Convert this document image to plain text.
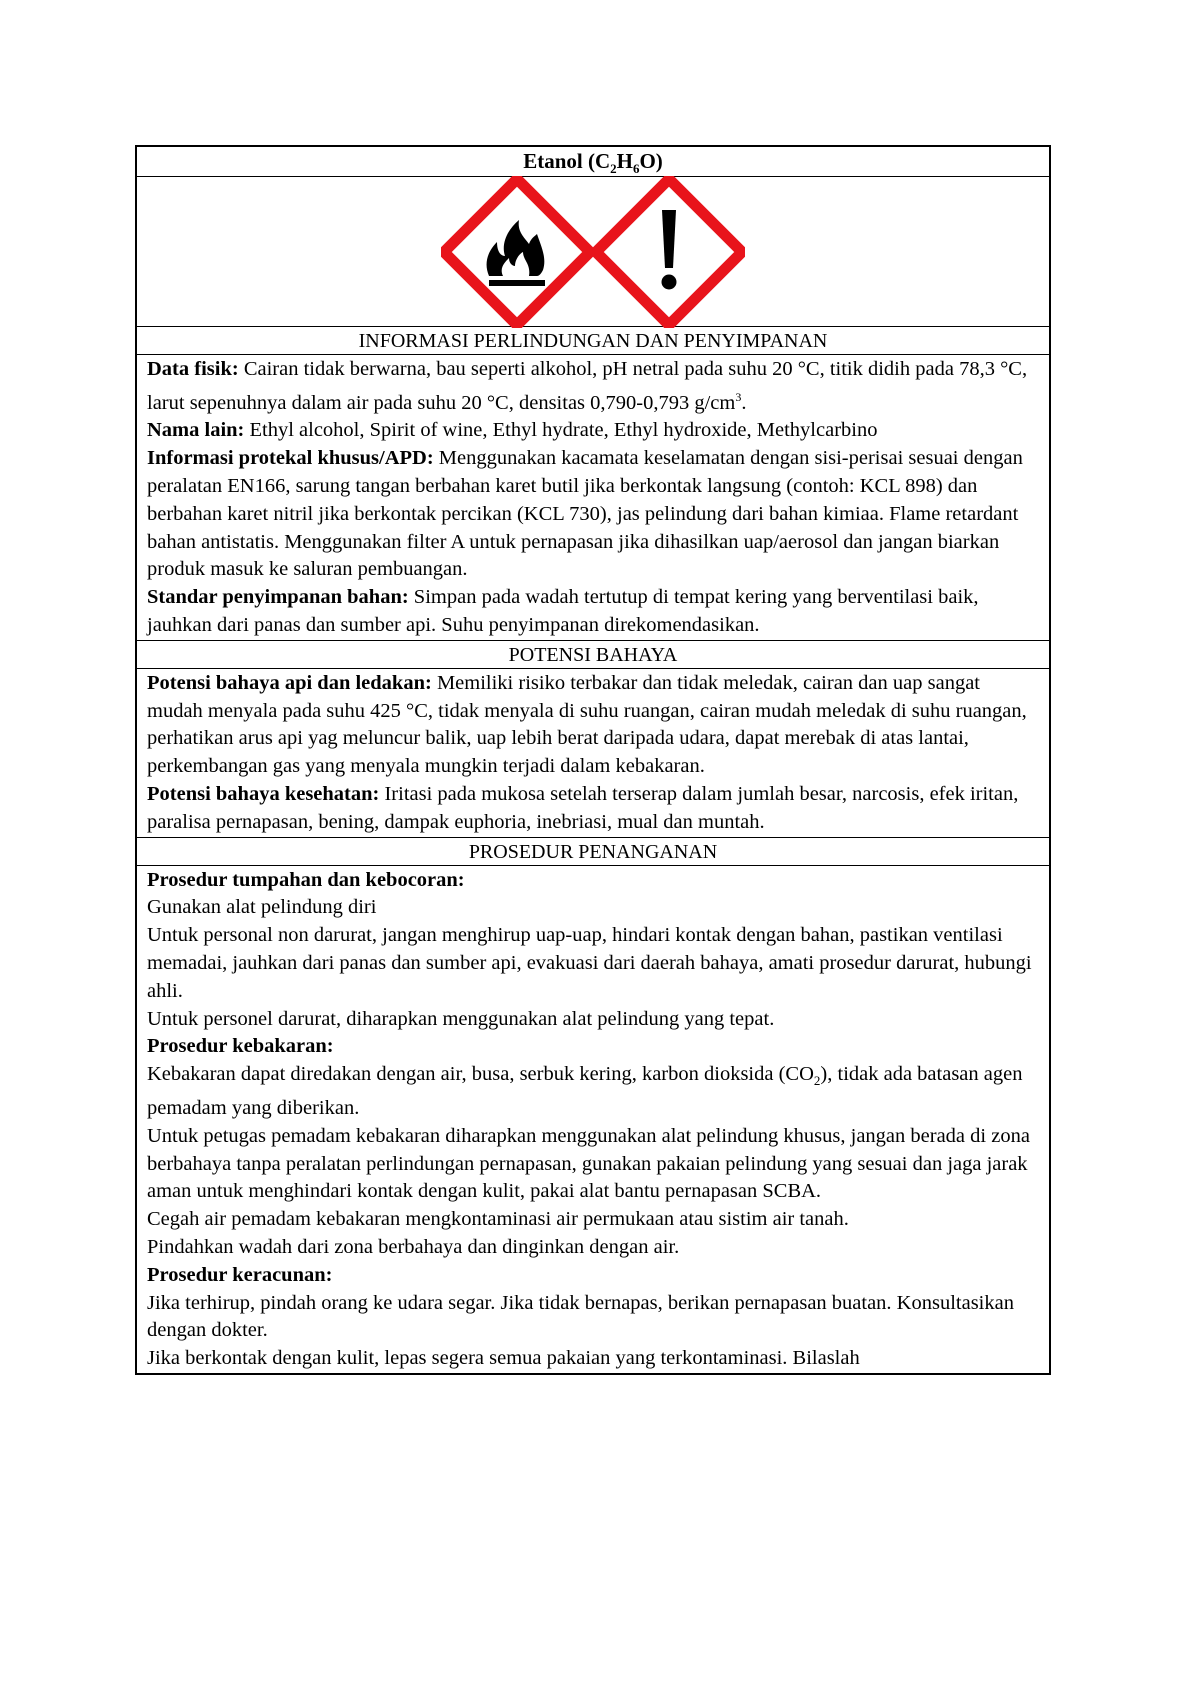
Etanol $(C_2H_6O)$
INFORMASI PERLINDUNGAN DAN PENYIMPANAN

Data fisik: Cairan tidak berwarna, bau seperti alkohol, pH netral pada suhu 20 °C, titik didih pada 78,3 °C, larut sepenuhnya dalam air pada suhu 20 °C, densitas 0,790-0,793 $g/cm^3$.

Nama lain: Ethyl alcohol, Spirit of wine, Ethyl hydrate, Ethyl hydroxide, Methylcarbino

Informasi protekal khusus/APD: Menggunakan kacamata keselamatan dengan sisi-perisai sesuai dengan peralatan EN166, sarung tangan berbahan karet butil jika berkontak langsung (contoh: KCL 898) dan berbahan karet nitril jika berkontak percikan (KCL 730), jas pelindung dari bahan kimiaa. Flame retardant bahan antistatis. Menggunakan filter A untuk pernapasan jika dihasilkan uap/aerosol dan jangan biarkan produk masuk ke saluran pembuangan.

Standar penyimpanan bahan: Simpan pada wadah tertutup di tempat kering yang berventilasi baik, jauhkan dari panas dan sumber api. Suhu penyimpanan direkomendasikan.

POTENSI BAHAYA

Potensi bahaya api dan ledakan: Memiliki risiko terbakar dan tidak meledak, cairan dan uap sangat mudah menyala pada suhu 425 °C, tidak menyala di suhu ruangan, cairan mudah meledak di suhu ruangan, perhatikan arus api yag meluncur balik, uap lebih berat daripada udara, dapat merebak di atas lantai, perkembangan gas yang menyala mungkin terjadi dalam kebakaran.

Potensi bahaya kesehatan: Iritasi pada mukosa setelah terserap dalam jumlah besar, narcosis, efek iritan, paralisa pernapasan, bening, dampak euphoria, inebriasi, mual dan muntah.

PROSEDUR PENANGANAN

Prosedur tumpahan dan kebocoran:

Gunakan alat pelindung diri

Untuk personal non darurat, jangan menghirup uap-uap, hindari kontak dengan bahan, pastikan ventilasi memadai, jauhkan dari panas dan sumber api, evakuasi dari daerah bahaya, amati prosedur darurat, hubungi ahli.

Untuk personel darurat, diharapkan menggunakan alat pelindung yang tepat.

Prosedur kebakaran:

Kebakaran dapat diredakan dengan air, busa, serbuk kering, karbon dioksida $(CO_2)$, tidak ada batasan agen pemadam yang diberikan.

Untuk petugas pemadam kebakaran diharapkan menggunakan alat pelindung khusus, jangan berada di zona berbahaya tanpa peralatan perlindungan pernapasan, gunakan pakaian pelindung yang sesuai dan jaga jarak aman untuk menghindari kontak dengan kulit, pakai alat bantu pernapasan SCBA.

Cegah air pemadam kebakaran mengkontaminasi air permukaan atau sistim air tanah.

Pindahkan wadah dari zona berbahaya dan dinginkan dengan air.

Prosedur keracunan:

Jika terhirup, pindah orang ke udara segar. Jika tidak bernapas, berikan pernapasan buatan. Konsultasikan dengan dokter.

Jika berkontak dengan kulit, lepas segera semua pakaian yang terkontaminasi. Bilaslah
